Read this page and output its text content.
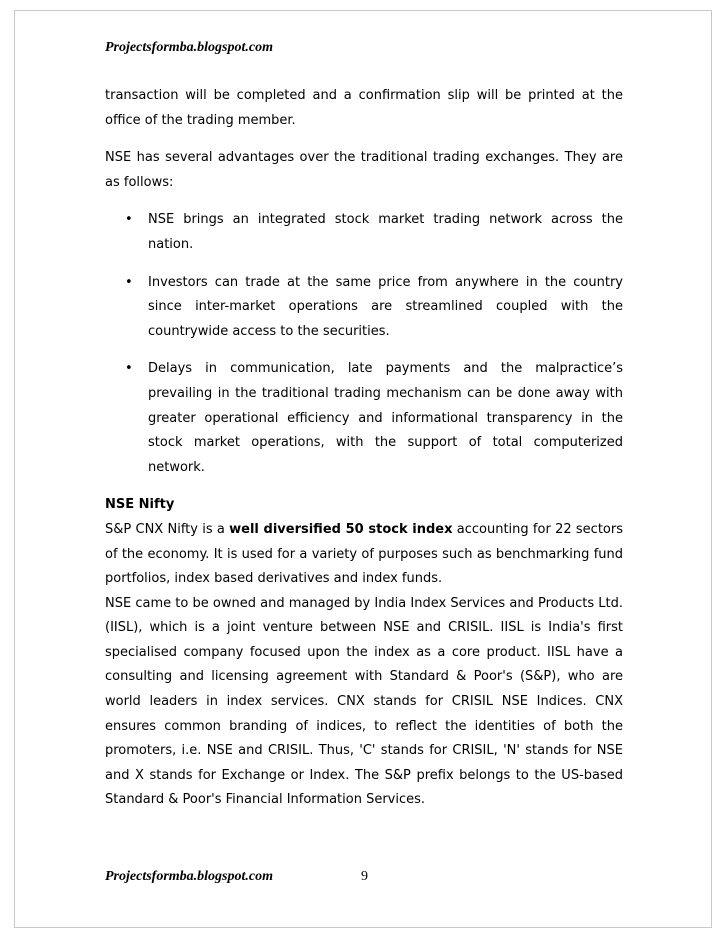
Projectsformba.blogspot.com

transaction will be completed and a confirmation slip will be printed at the office of the trading member.

NSE has several advantages over the traditional trading exchanges. They are as follows:

• NSE brings an integrated stock market trading network across the nation.
• Investors can trade at the same price from anywhere in the country since inter-market operations are streamlined coupled with the countrywide access to the securities.
• Delays in communication, late payments and the malpractice’s prevailing in the traditional trading mechanism can be done away with greater operational efficiency and informational transparency in the stock market operations, with the support of total computerized network.

NSE Nifty

S&P CNX Nifty is a well diversified 50 stock index accounting for 22 sectors of the economy. It is used for a variety of purposes such as benchmarking fund portfolios, index based derivatives and index funds.

NSE came to be owned and managed by India Index Services and Products Ltd. (IISL), which is a joint venture between NSE and CRISIL. IISL is India's first specialised company focused upon the index as a core product. IISL have a consulting and licensing agreement with Standard & Poor's (S&P), who are world leaders in index services. CNX stands for CRISIL NSE Indices. CNX ensures common branding of indices, to reflect the identities of both the promoters, i.e. NSE and CRISIL. Thus, 'C' stands for CRISIL, 'N' stands for NSE and X stands for Exchange or Index. The S&P prefix belongs to the US-based Standard & Poor's Financial Information Services.

Projectsformba.blogspot.com	9
